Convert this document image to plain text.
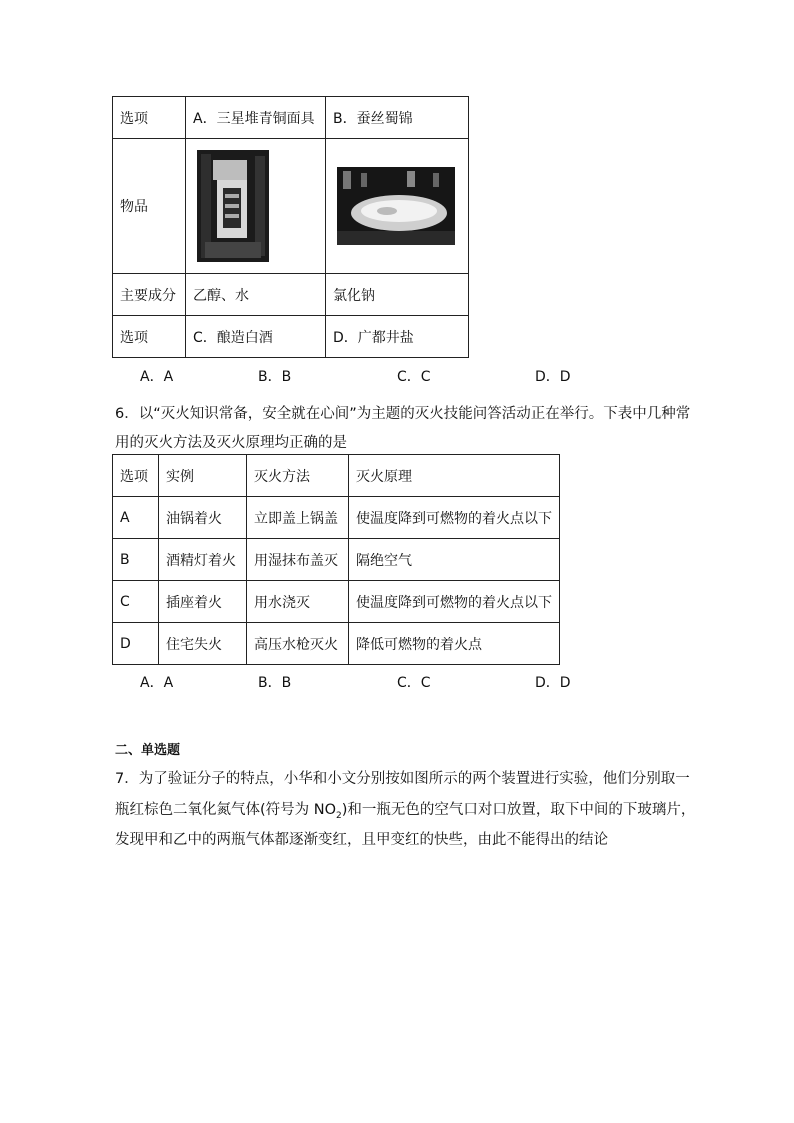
选项	A．三星堆青铜面具	B．蚕丝蜀锦
物品	

主要成分	乙醇、水	氯化钠
选项	C．酿造白酒	D．广都井盐
A．A	B．B	C．C	D．D
6．以“灭火知识常备，安全就在心间”为主题的灭火技能问答活动正在举行。下表中几种常
用的灭火方法及灭火原理均正确的是
选项	实例	灭火方法	灭火原理
A	油锅着火	立即盖上锅盖	使温度降到可燃物的着火点以下
B	酒精灯着火	用湿抹布盖灭	隔绝空气
C	插座着火	用水浇灭	使温度降到可燃物的着火点以下
D	住宅失火	高压水枪灭火	降低可燃物的着火点
A．A	B．B	C．C	D．D
二、单选题
7．为了验证分子的特点，小华和小文分别按如图所示的两个装置进行实验，他们分别取一
瓶红棕色二氧化氮气体(符号为 $NO_2$)和一瓶无色的空气口对口放置，取下中间的下玻璃片，
发现甲和乙中的两瓶气体都逐渐变红，且甲变红的快些，由此不能得出的结论
